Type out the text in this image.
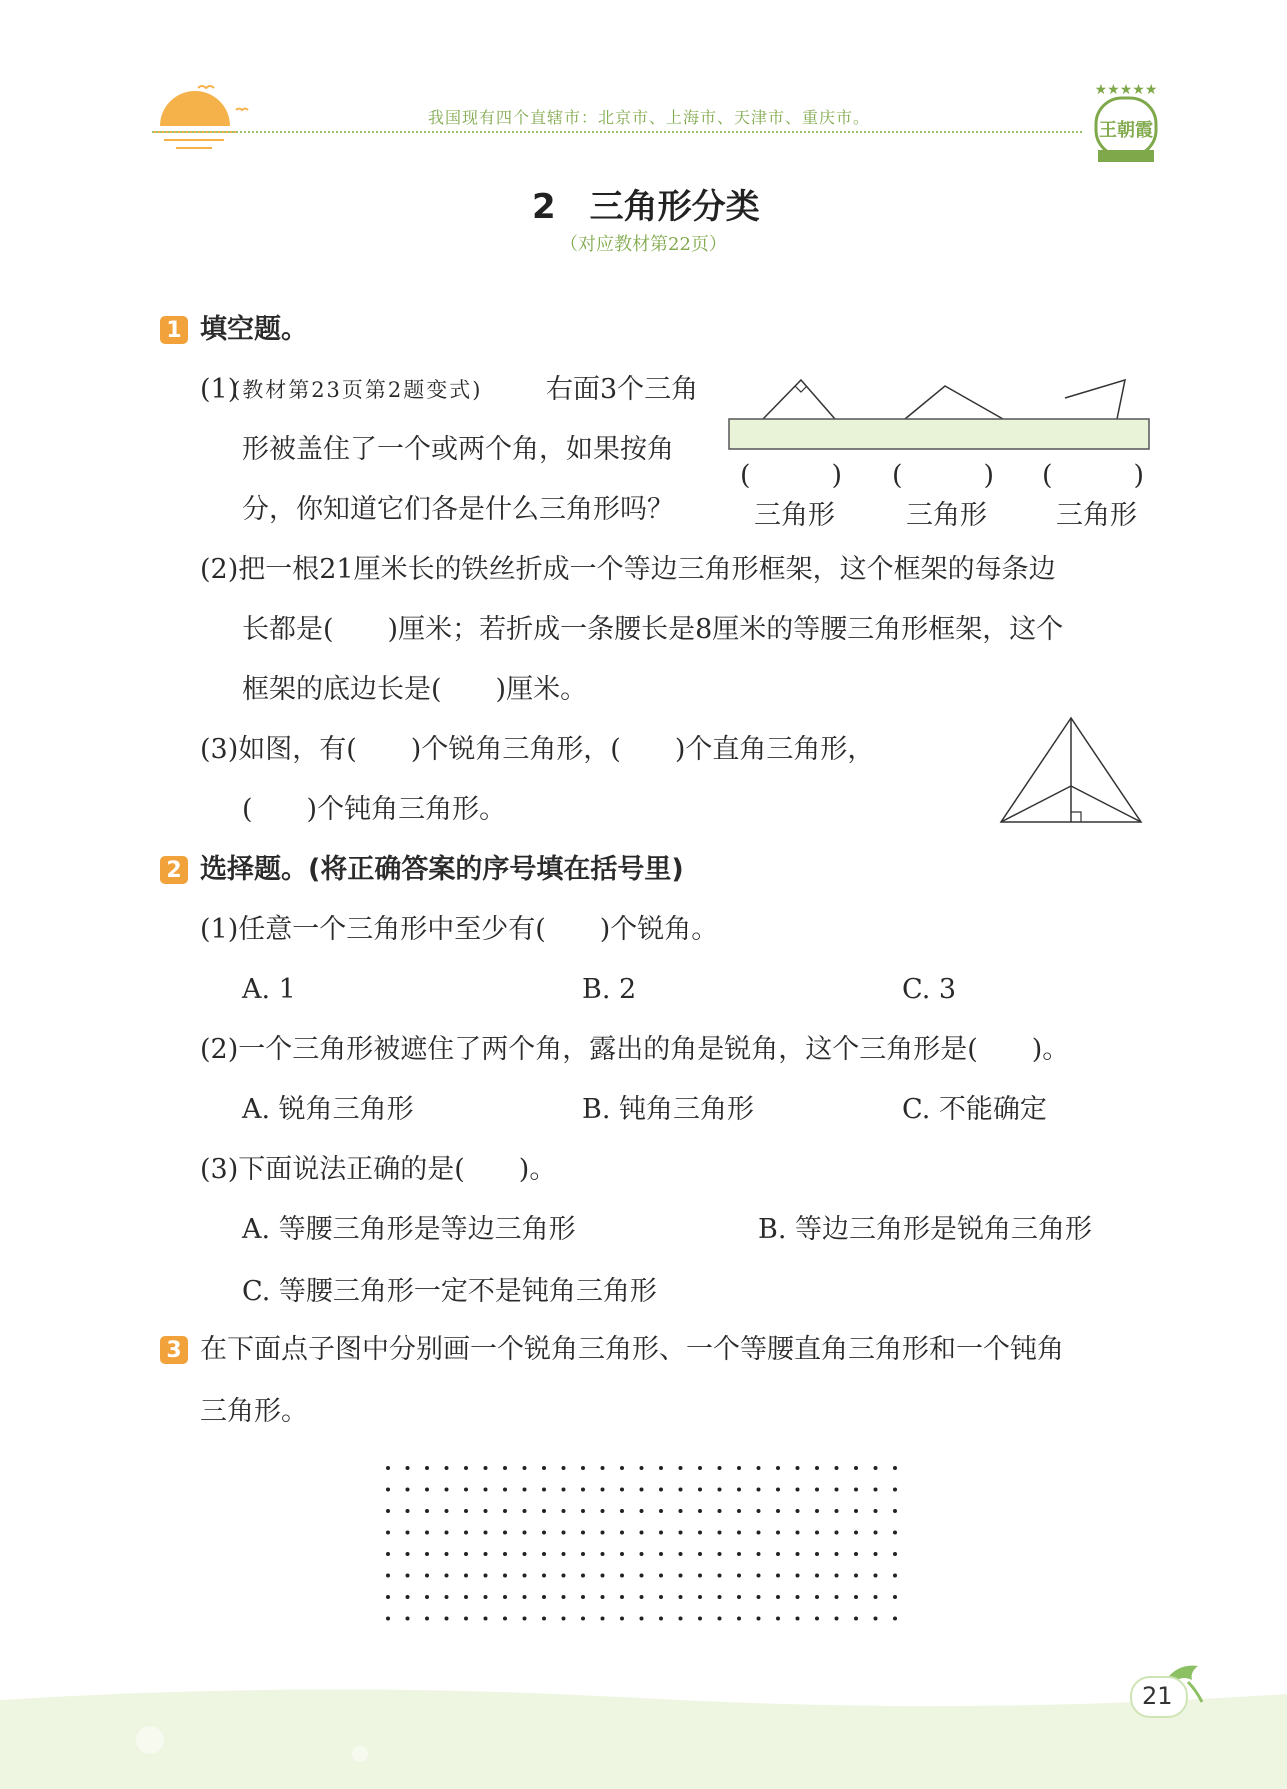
我国现有四个直辖市：北京市、上海市、天津市、重庆市。
★★★★★
王朝霞
2　三角形分类
（对应教材第22页）
1 填空题。
(1)
(教材第23页第2题变式) 右面3个三角
形被盖住了一个或两个角，如果按角
分，你知道它们各是什么三角形吗？
(　　　) (　　　) (　　　)
三角形	三角形	三角形
(2)把一根21厘米长的铁丝折成一个等边三角形框架，这个框架的每条边
长都是(　　)厘米；若折成一条腰长是8厘米的等腰三角形框架，这个
框架的底边长是(　　)厘米。
(3)如图，有(　　)个锐角三角形，(　　)个直角三角形，
(　　)个钝角三角形。
2 选择题。(将正确答案的序号填在括号里)
(1)任意一个三角形中至少有(　　)个锐角。
A. 1	B. 2	C. 3
(2)一个三角形被遮住了两个角，露出的角是锐角，这个三角形是(　　)。
A. 锐角三角形	B. 钝角三角形	C. 不能确定
(3)下面说法正确的是(　　)。
A. 等腰三角形是等边三角形	B. 等边三角形是锐角三角形
C. 等腰三角形一定不是钝角三角形
3 在下面点子图中分别画一个锐角三角形、一个等腰直角三角形和一个钝角
三角形。
21
